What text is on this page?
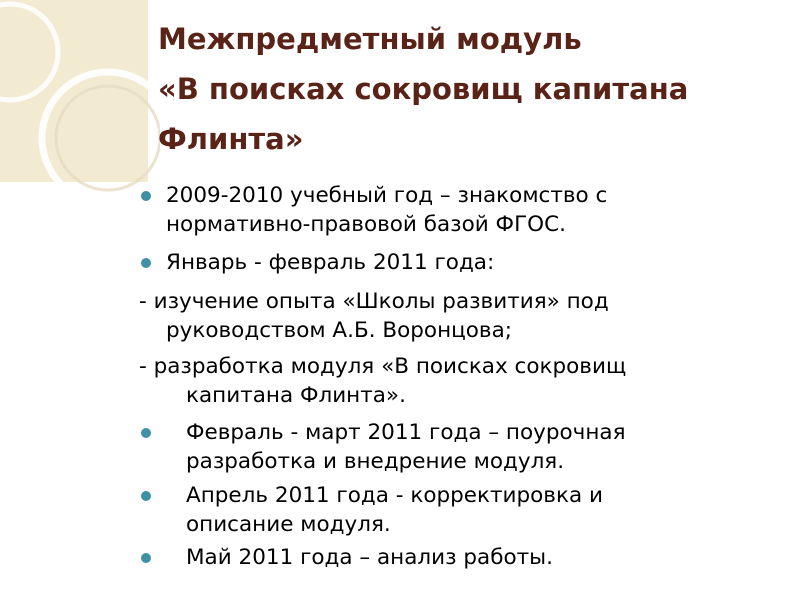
Межпредметный модуль
«В поисках сокровищ капитана
Флинта»
2009-2010 учебный год – знакомство с
нормативно-правовой базой ФГОС.
Январь - февраль 2011 года:
- изучение опыта «Школы развития» под
руководством А.Б. Воронцова;
- разработка модуля «В поисках сокровищ
капитана Флинта».
Февраль - март 2011 года – поурочная
разработка и внедрение модуля.
Апрель 2011 года - корректировка и
описание модуля.
Май 2011 года – анализ работы.
